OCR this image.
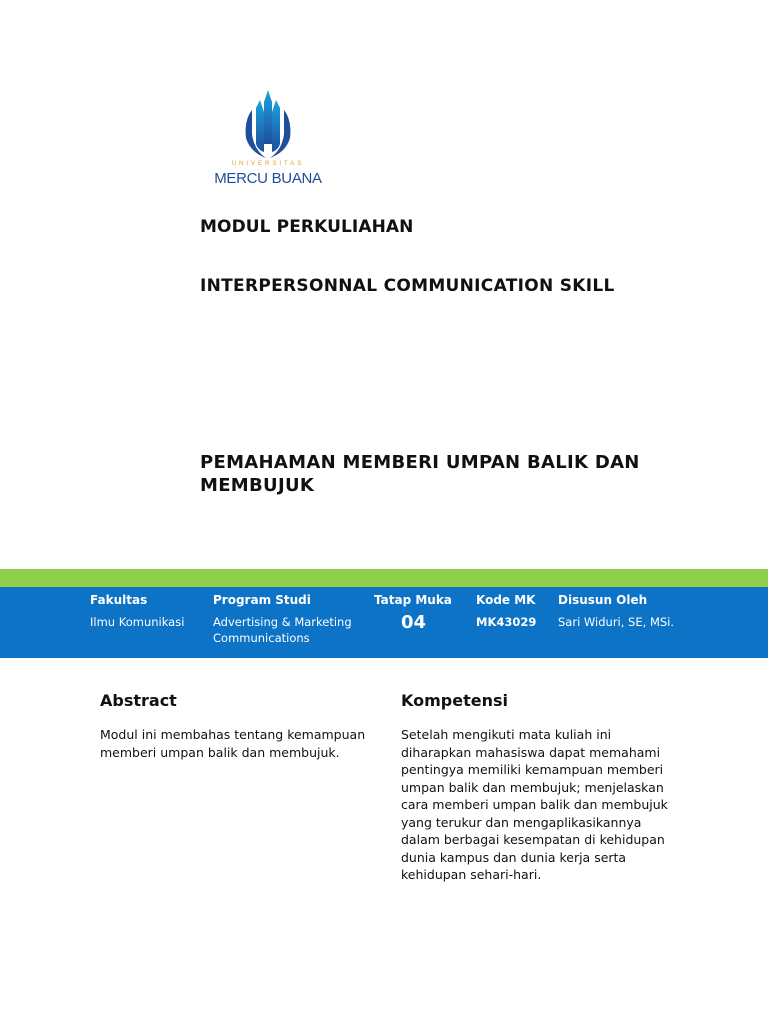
UNIVERSITAS
MERCU BUANA
MODUL PERKULIAHAN
INTERPERSONNAL COMMUNICATION SKILL
PEMAHAMAN MEMBERI UMPAN BALIK DAN MEMBUJUK
Fakultas
Ilmu Komunikasi
Program Studi
Advertising & Marketing Communications
Tatap Muka
04
Kode MK
MK43029
Disusun Oleh
Sari Widuri, SE, MSi.
Abstract
Modul ini membahas tentang kemampuan memberi umpan balik dan membujuk.
Kompetensi
Setelah mengikuti mata kuliah ini diharapkan mahasiswa dapat memahami pentingya memiliki kemampuan memberi umpan balik dan membujuk; menjelaskan cara memberi umpan balik dan membujuk yang terukur dan mengaplikasikannya dalam berbagai kesempatan di kehidupan dunia kampus dan dunia kerja serta kehidupan sehari-hari.
